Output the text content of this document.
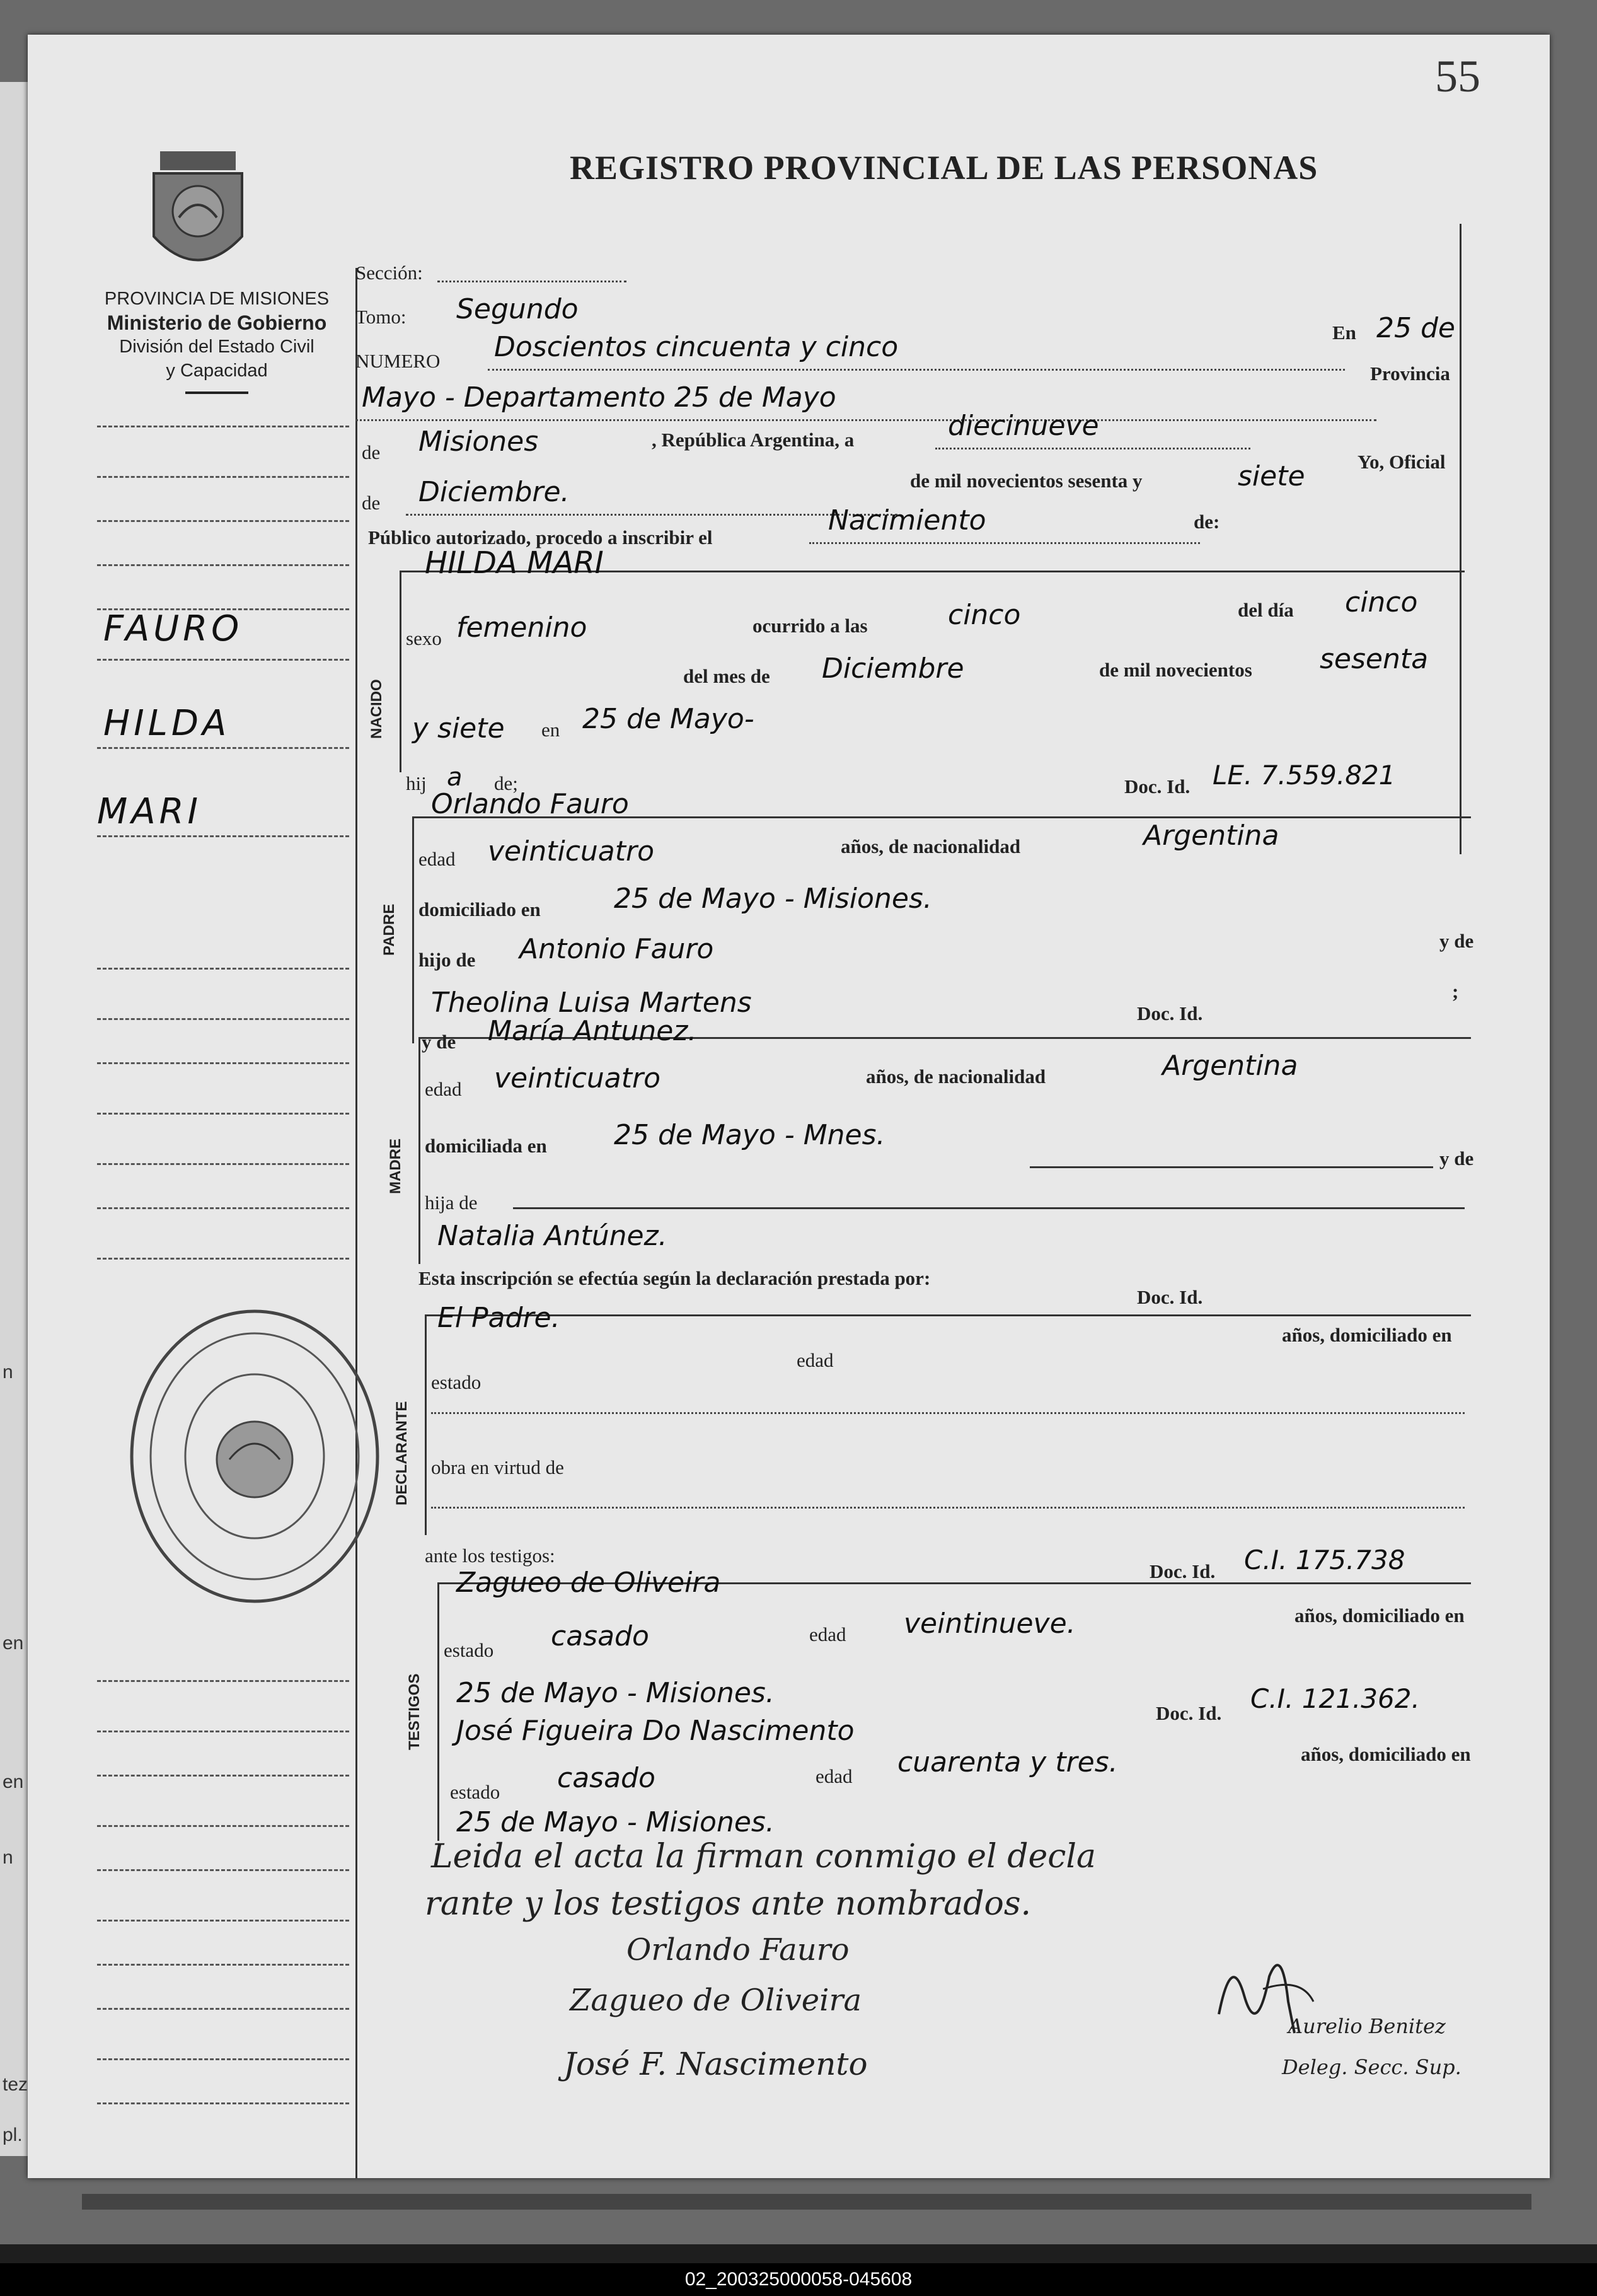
n
en
en
n
tez
pl.
55
REGISTRO PROVINCIAL DE LAS PERSONAS
PROVINCIA DE MISIONES
Ministerio de Gobierno
División del Estado Civil
y Capacidad
FAURO
HILDA
MARI
Sección:
Tomo: Segundo
NUMERO Doscientos cincuenta y cinco	En 25 de
Mayo - Departamento 25 de Mayo
Provincia
de Misiones	, República Argentina, a	diecinueve
de Diciembre.	de mil novecientos sesenta y	siete	Yo, Oficial
Público autorizado, procedo a inscribir el
Nacimiento	de:
NACIDO
HILDA MARI
sexo femenino	ocurrido a las	cinco	del día cinco
del mes de Diciembre	de mil novecientos sesenta
y siete en 25 de Mayo-
hij a de;
PADRE
Orlando Fauro
Doc. Id. LE. 7.559.821
edad veinticuatro	años, de nacionalidad	Argentina
domiciliado en	25 de Mayo - Misiones.
hijo de Antonio Fauro	y de
Theolina Luisa Martens	;
MADRE
y de María Antunez.
Doc. Id.
edad veinticuatro	años, de nacionalidad	Argentina
domiciliada en 25 de Mayo - Mnes.
y de
hija de
Natalia Antúnez.
Esta inscripción se efectúa según la declaración prestada por:
DECLARANTE
El Padre.
Doc. Id.
años, domiciliado en
estado
edad
obra en virtud de
ante los testigos:
TESTIGOS
Zagueo de Oliveira	Doc. Id. C.I. 175.738
estado casado	edad veintinueve.	años, domiciliado en
25 de Mayo - Misiones.
José Figueira Do Nascimento
Doc. Id. C.I. 121.362.
estado casado	edad cuarenta y tres.	años, domiciliado en
25 de Mayo - Misiones.
Leida el acta la firman conmigo el decla
rante y los testigos ante nombrados.
Orlando Fauro
Zagueo de Oliveira
José F. Nascimento
Aurelio Benitez
Deleg. Secc. Sup.
02_200325000058-045608
